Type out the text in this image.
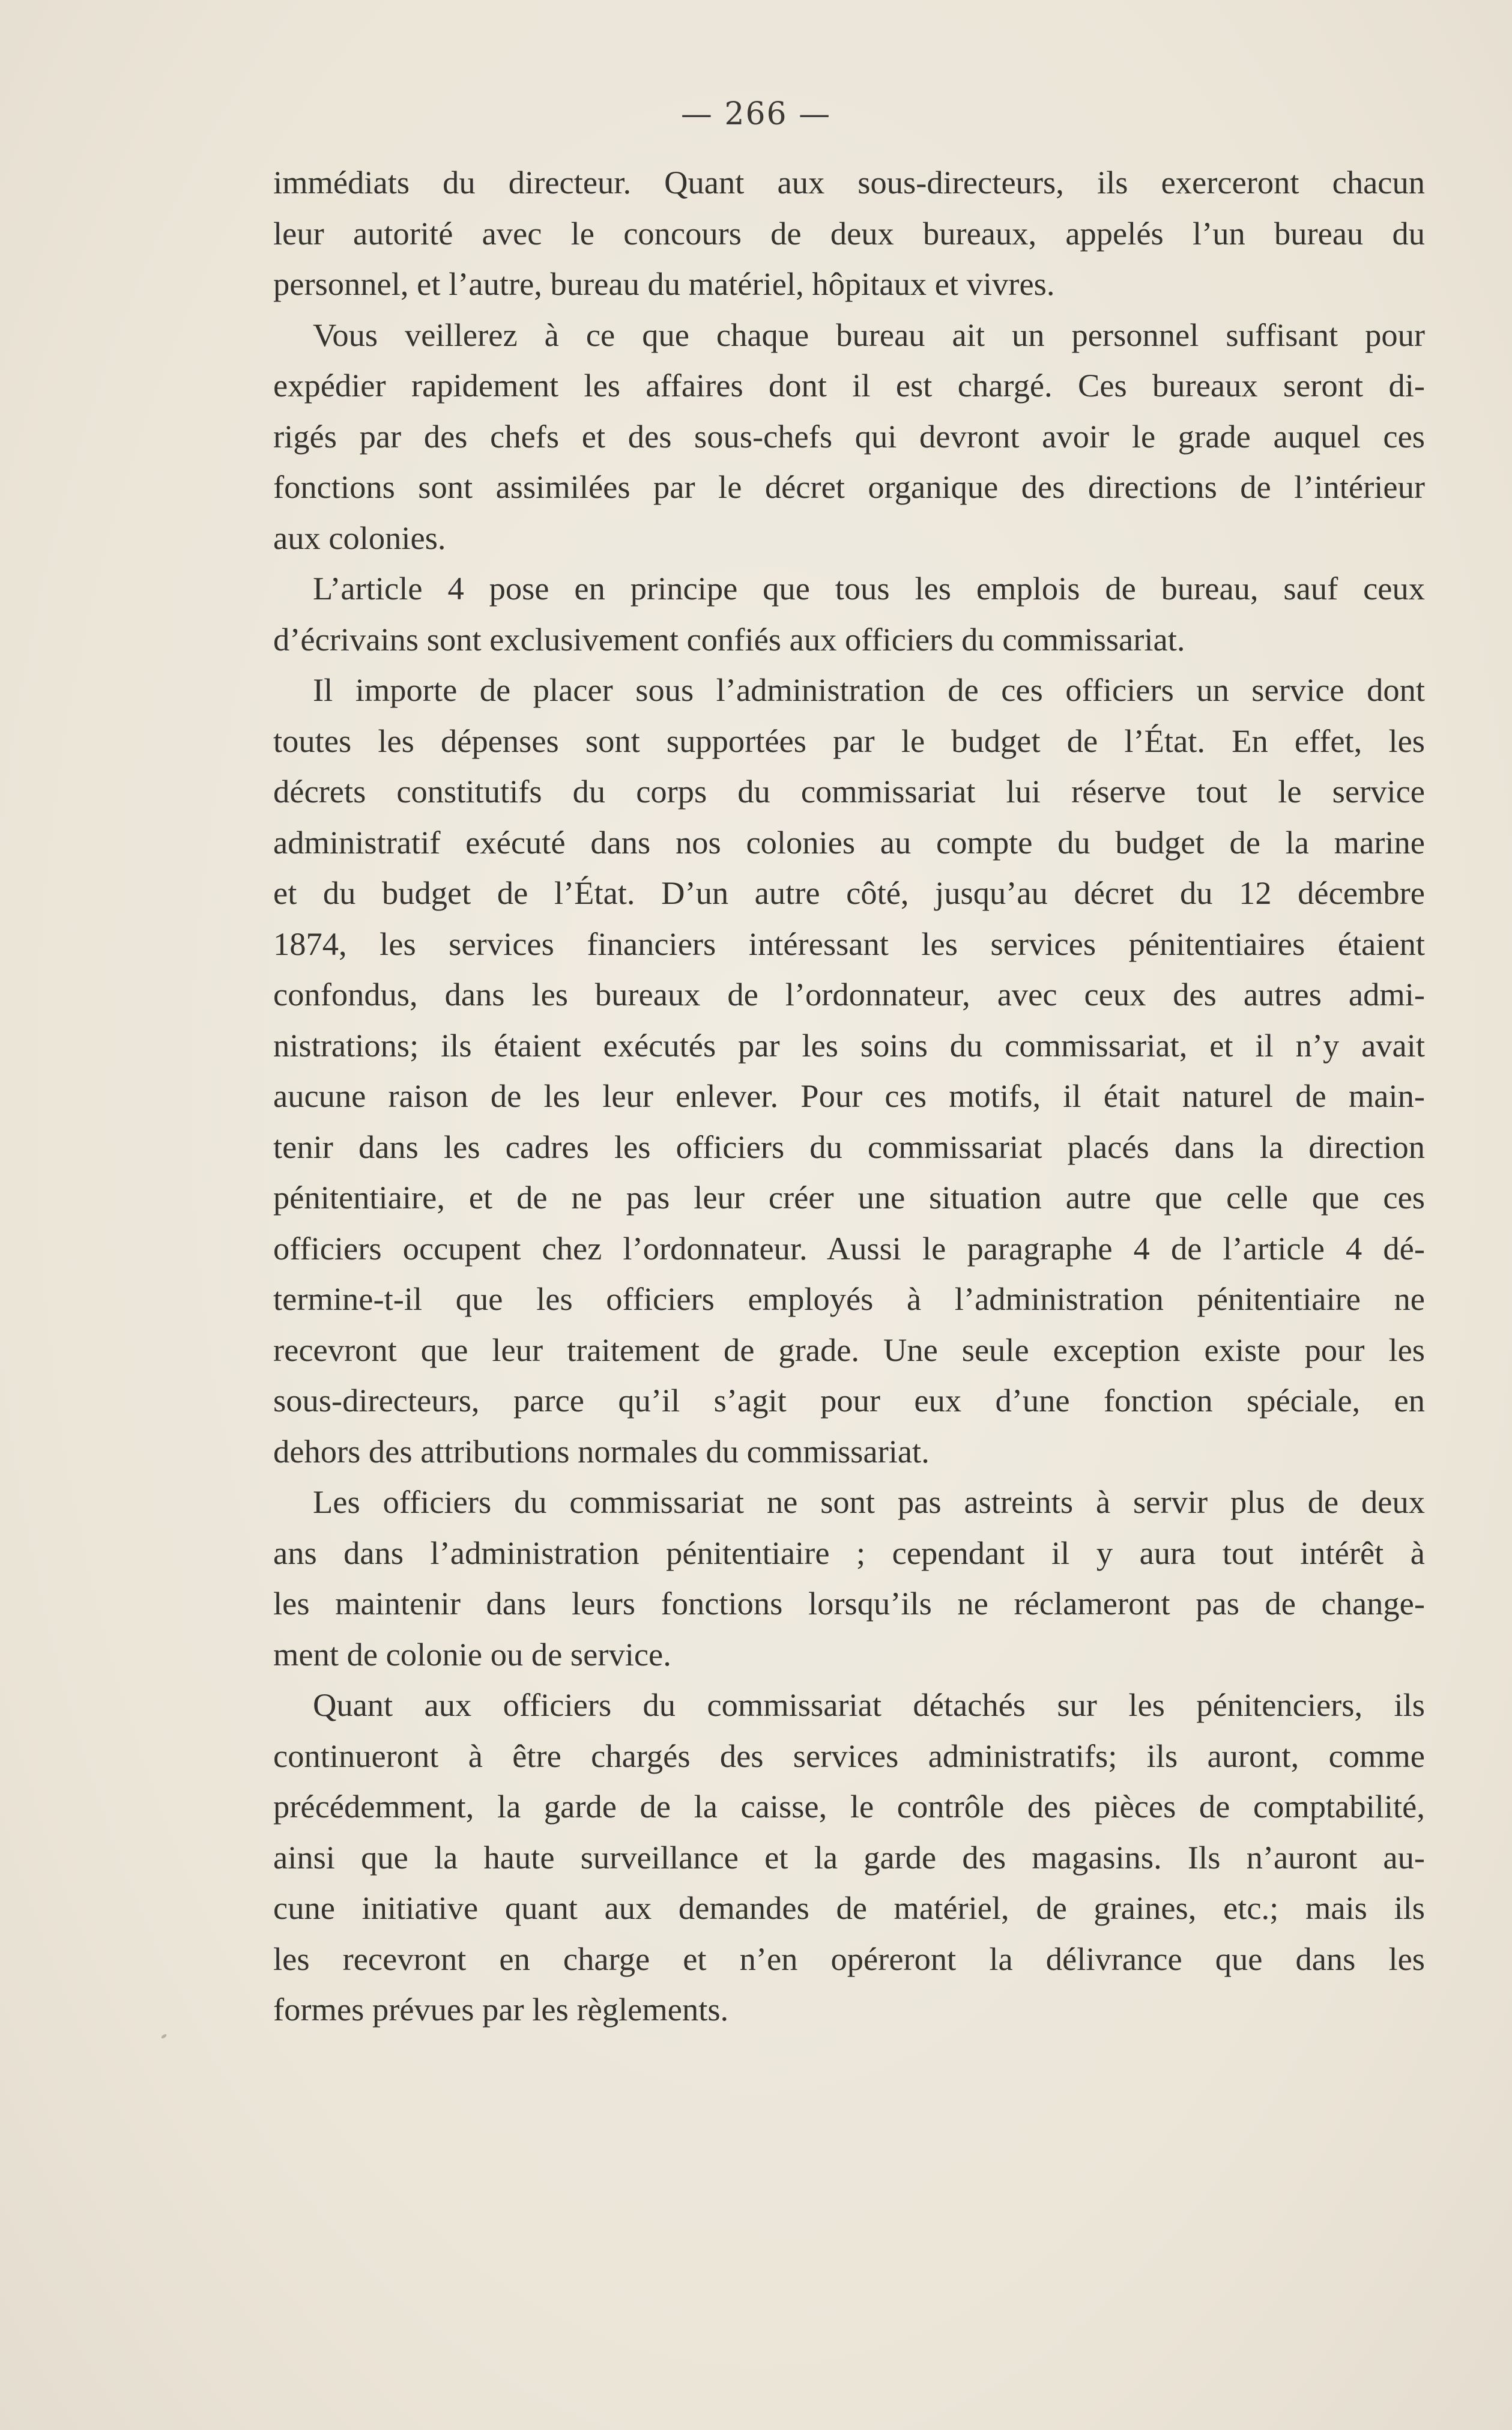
— 266 —
immédiats du directeur. Quant aux sous-directeurs, ils exerceront chacun
leur autorité avec le concours de deux bureaux, appelés l’un bureau du
personnel, et l’autre, bureau du matériel, hôpitaux et vivres.
Vous veillerez à ce que chaque bureau ait un personnel suffisant pour
expédier rapidement les affaires dont il est chargé. Ces bureaux seront di-
rigés par des chefs et des sous-chefs qui devront avoir le grade auquel ces
fonctions sont assimilées par le décret organique des directions de l’intérieur
aux colonies.
L’article 4 pose en principe que tous les emplois de bureau, sauf ceux
d’écrivains sont exclusivement confiés aux officiers du commissariat.
Il importe de placer sous l’administration de ces officiers un service dont
toutes les dépenses sont supportées par le budget de l’État. En effet, les
décrets constitutifs du corps du commissariat lui réserve tout le service
administratif exécuté dans nos colonies au compte du budget de la marine
et du budget de l’État. D’un autre côté, jusqu’au décret du 12 décembre
1874, les services financiers intéressant les services pénitentiaires étaient
confondus, dans les bureaux de l’ordonnateur, avec ceux des autres admi-
nistrations; ils étaient exécutés par les soins du commissariat, et il n’y avait
aucune raison de les leur enlever. Pour ces motifs, il était naturel de main-
tenir dans les cadres les officiers du commissariat placés dans la direction
pénitentiaire, et de ne pas leur créer une situation autre que celle que ces
officiers occupent chez l’ordonnateur. Aussi le paragraphe 4 de l’article 4 dé-
termine-t-il que les officiers employés à l’administration pénitentiaire ne
recevront que leur traitement de grade. Une seule exception existe pour les
sous-directeurs, parce qu’il s’agit pour eux d’une fonction spéciale, en
dehors des attributions normales du commissariat.
Les officiers du commissariat ne sont pas astreints à servir plus de deux
ans dans l’administration pénitentiaire ; cependant il y aura tout intérêt à
les maintenir dans leurs fonctions lorsqu’ils ne réclameront pas de change-
ment de colonie ou de service.
Quant aux officiers du commissariat détachés sur les pénitenciers, ils
continueront à être chargés des services administratifs; ils auront, comme
précédemment, la garde de la caisse, le contrôle des pièces de comptabilité,
ainsi que la haute surveillance et la garde des magasins. Ils n’auront au-
cune initiative quant aux demandes de matériel, de graines, etc.; mais ils
les recevront en charge et n’en opéreront la délivrance que dans les
formes prévues par les règlements.
